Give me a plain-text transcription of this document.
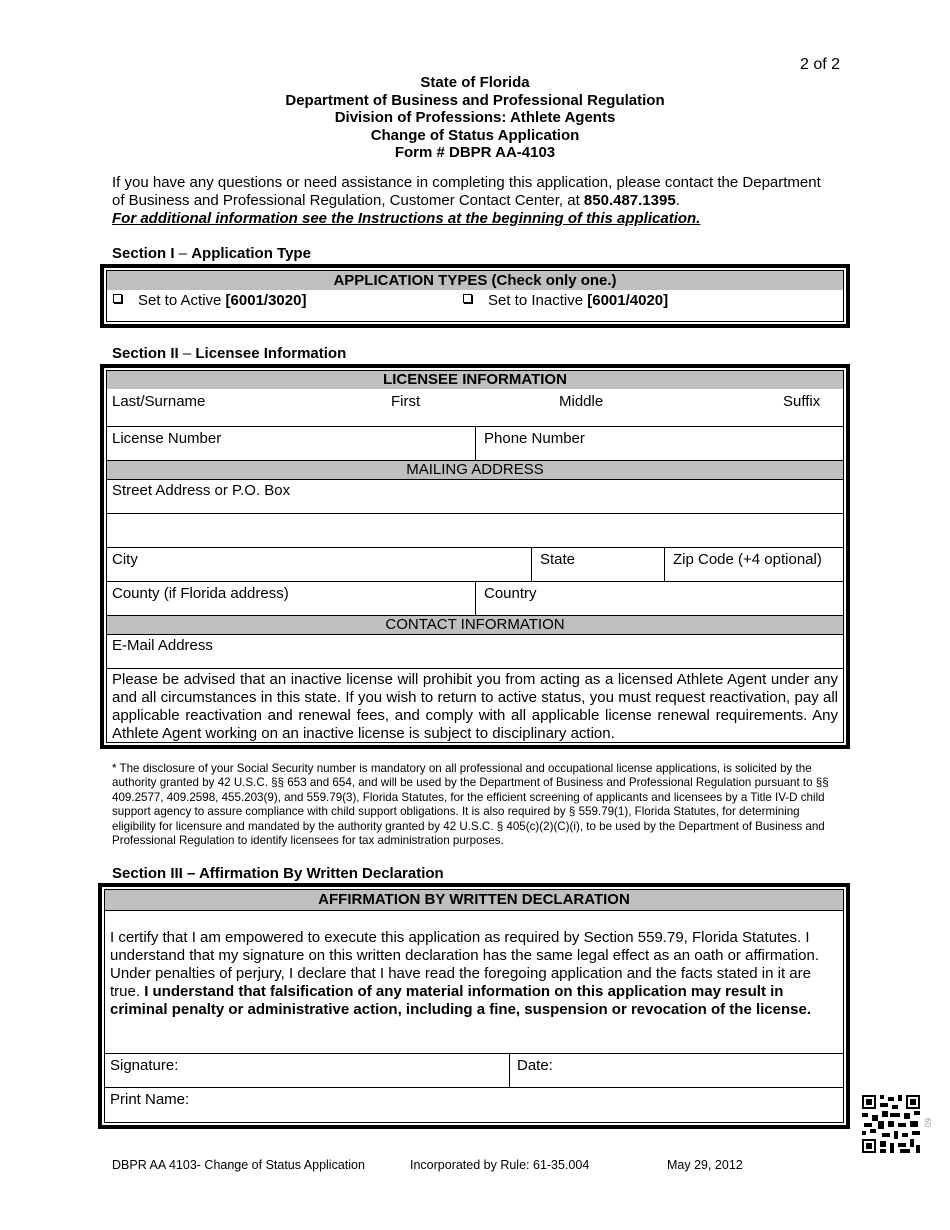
2 of 2
State of Florida
Department of Business and Professional Regulation
Division of Professions: Athlete Agents
Change of Status Application
Form # DBPR AA-4103
If you have any questions or need assistance in completing this application, please contact the Department of Business and Professional Regulation, Customer Contact Center, at 850.487.1395.
For additional information see the Instructions at the beginning of this application.
Section I – Application Type
APPLICATION TYPES (Check only one.)
Set to Active [6001/3020]	Set to Inactive [6001/4020]
Section II – Licensee Information
LICENSEE INFORMATION
Last/Surname	First	Middle	Suffix
License Number	Phone Number
MAILING ADDRESS
Street Address or P.O. Box
City	State	Zip Code (+4 optional)
County (if Florida address)	Country
CONTACT INFORMATION
E-Mail Address
Please be advised that an inactive license will prohibit you from acting as a licensed Athlete Agent under any and all circumstances in this state. If you wish to return to active status, you must request reactivation, pay all applicable reactivation and renewal fees, and comply with all applicable license renewal requirements. Any Athlete Agent working on an inactive license is subject to disciplinary action.
* The disclosure of your Social Security number is mandatory on all professional and occupational license applications, is solicited by the authority granted by 42 U.S.C. §§ 653 and 654, and will be used by the Department of Business and Professional Regulation pursuant to §§ 409.2577, 409.2598, 455.203(9), and 559.79(3), Florida Statutes, for the efficient screening of applicants and licensees by a Title IV-D child support agency to assure compliance with child support obligations. It is also required by § 559.79(1), Florida Statutes, for determining eligibility for licensure and mandated by the authority granted by 42 U.S.C. § 405(c)(2)(C)(i), to be used by the Department of Business and Professional Regulation to identify licensees for tax administration purposes.
Section III – Affirmation By Written Declaration
AFFIRMATION BY WRITTEN DECLARATION
I certify that I am empowered to execute this application as required by Section 559.79, Florida Statutes. I understand that my signature on this written declaration has the same legal effect as an oath or affirmation. Under penalties of perjury, I declare that I have read the foregoing application and the facts stated in it are true. I understand that falsification of any material information on this application may result in criminal penalty or administrative action, including a fine, suspension or revocation of the license.
Signature:	Date:
Print Name:
60
DBPR AA 4103- Change of Status Application	Incorporated by Rule: 61-35.004	May 29, 2012
